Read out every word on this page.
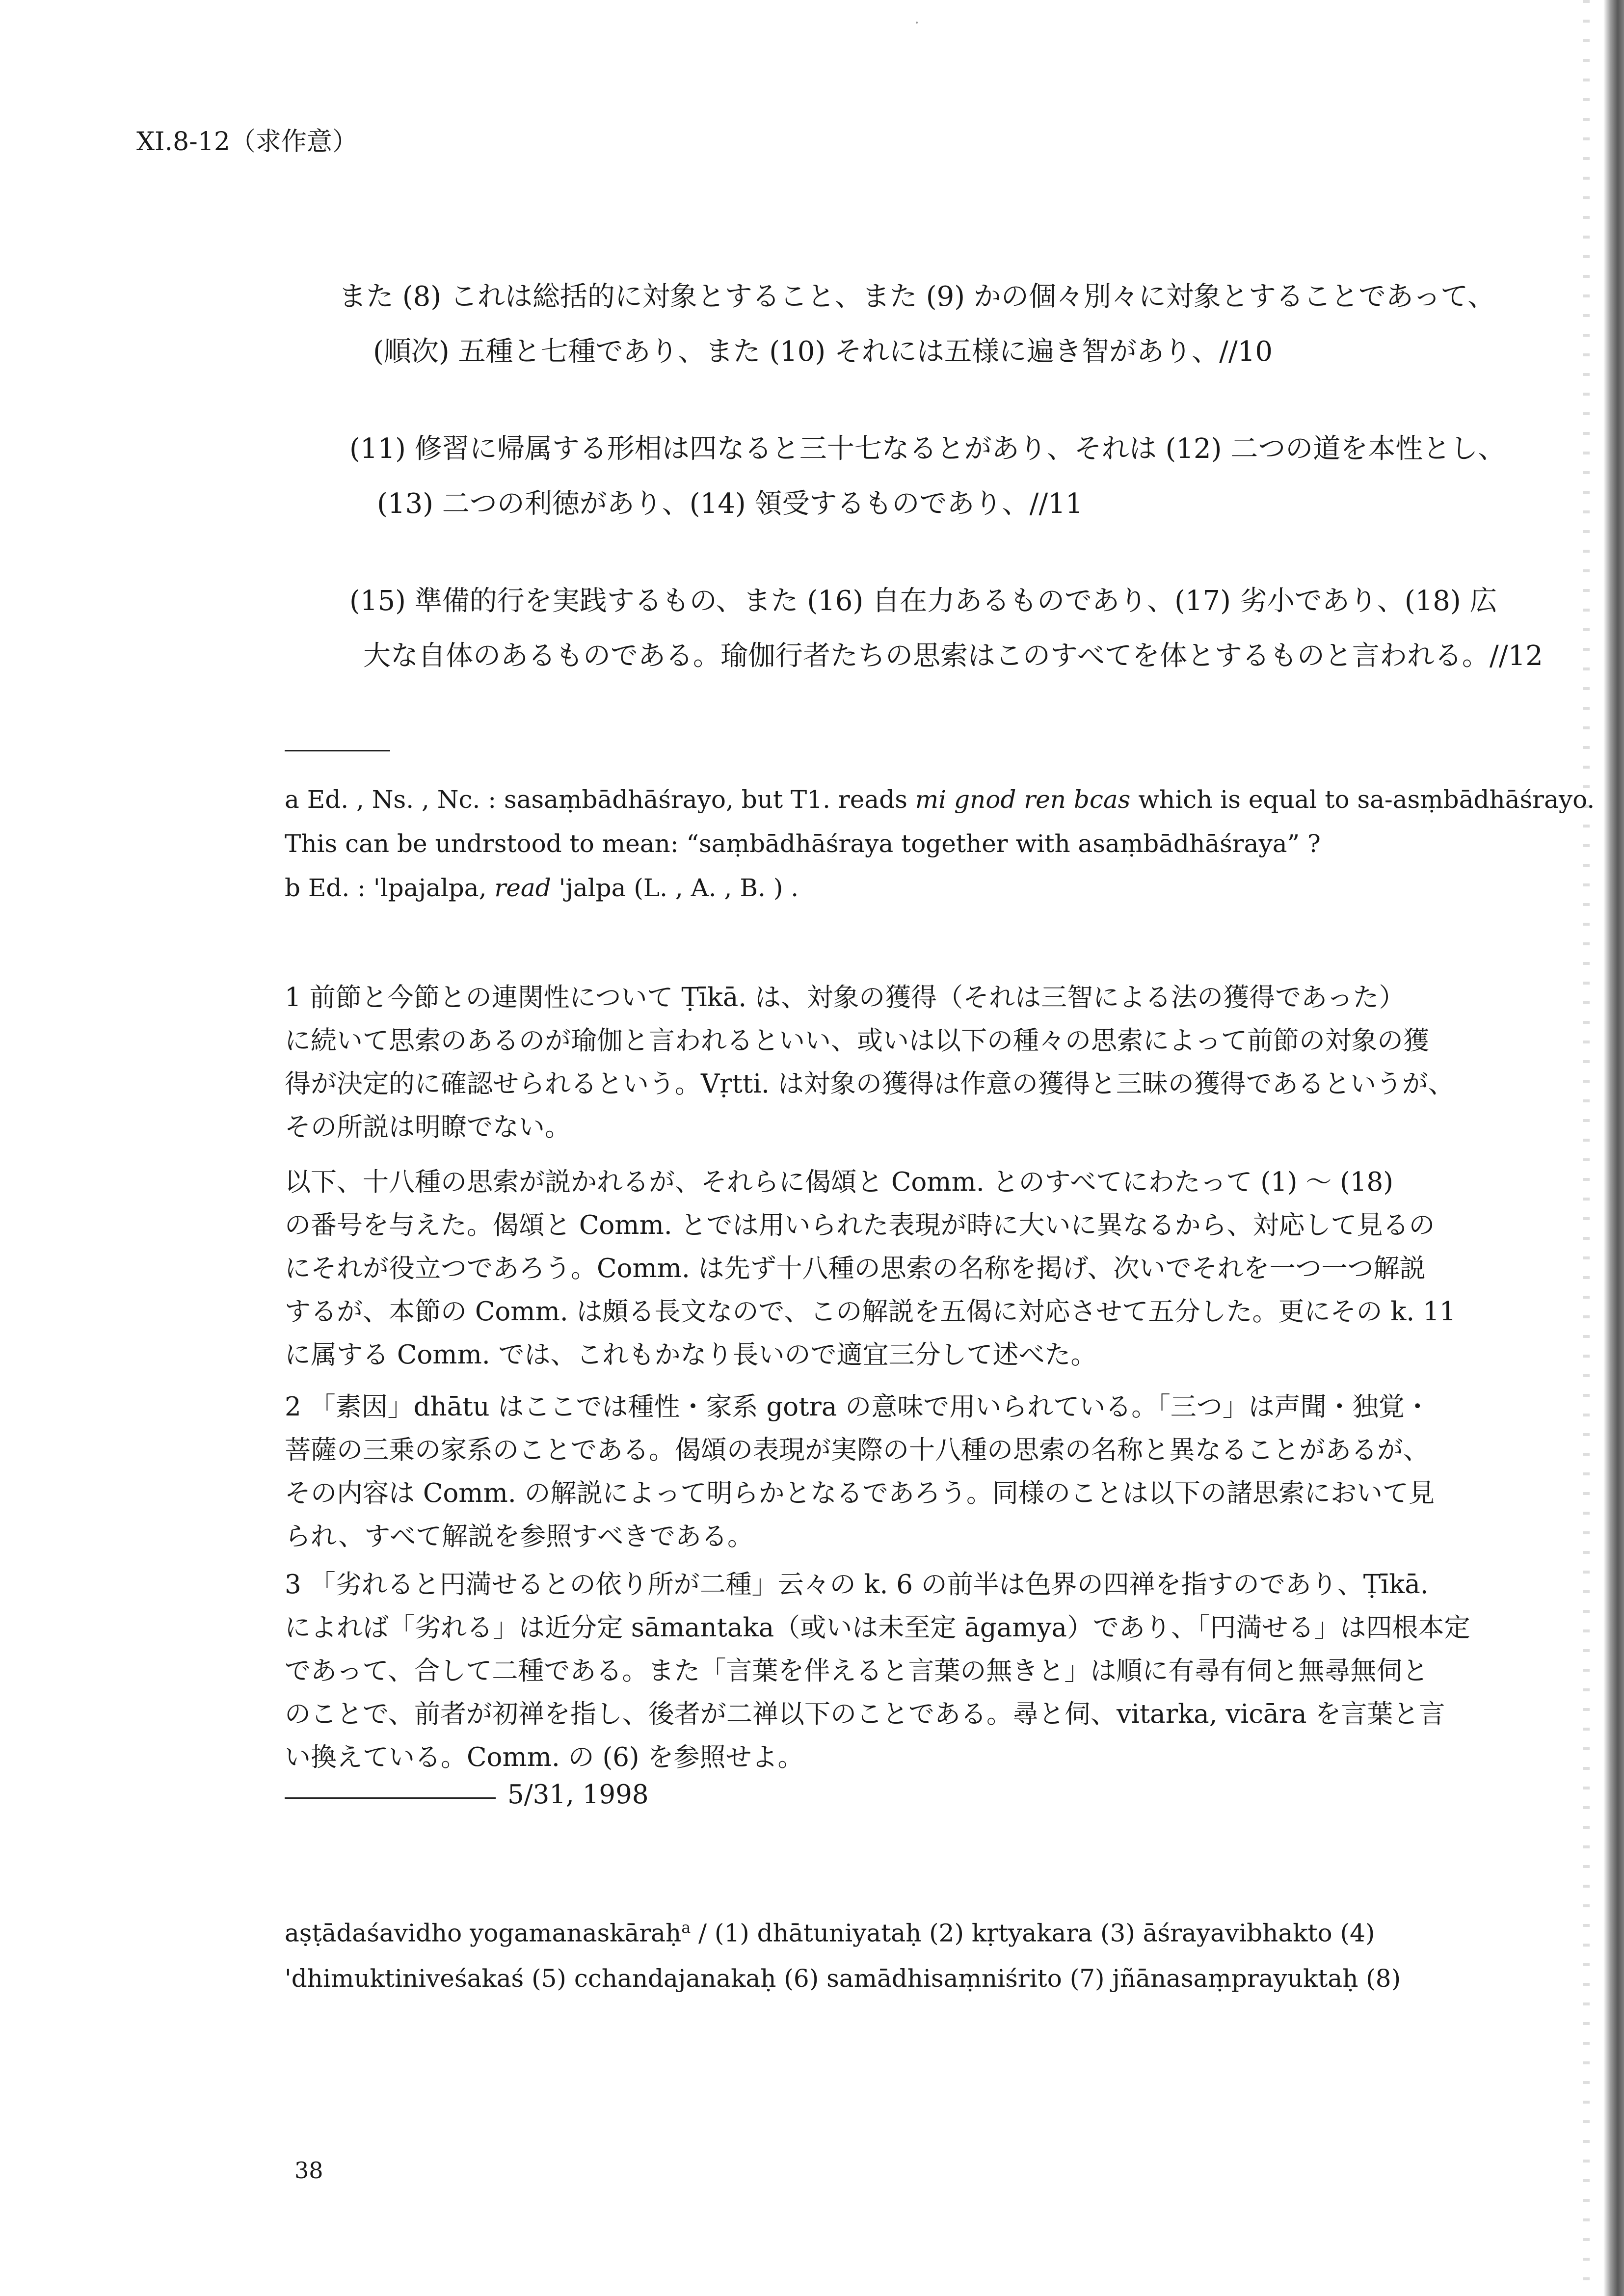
XI.8-12（求作意）
また (8) これは総括的に対象とすること、また (9) かの個々別々に対象とすることであって、
(順次) 五種と七種であり、また (10) それには五様に遍き智があり、//10
(11) 修習に帰属する形相は四なると三十七なるとがあり、それは (12) 二つの道を本性とし、
(13) 二つの利徳があり、(14) 領受するものであり、//11
(15) 準備的行を実践するもの、また (16) 自在力あるものであり、(17) 劣小であり、(18) 広
大な自体のあるものである。瑜伽行者たちの思索はこのすべてを体とするものと言われる。//12
a Ed. , Ns. , Nc. : sasaṃbādhāśrayo, but T1. reads mi gnod ren bcas which is equal to sa-asṃbādhāśrayo.
This can be undrstood to mean: “saṃbādhāśraya together with asaṃbādhāśraya” ?
b Ed. : 'lpajalpa, read 'jalpa (L. , A. , B. ) .
1 前節と今節との連関性について Ṭīkā. は、対象の獲得（それは三智による法の獲得であった）
に続いて思索のあるのが瑜伽と言われるといい、或いは以下の種々の思索によって前節の対象の獲
得が決定的に確認せられるという。Vṛtti. は対象の獲得は作意の獲得と三昧の獲得であるというが、
その所説は明瞭でない。
以下、十八種の思索が説かれるが、それらに偈頌と Comm. とのすべてにわたって (1) ～ (18)
の番号を与えた。偈頌と Comm. とでは用いられた表現が時に大いに異なるから、対応して見るの
にそれが役立つであろう。Comm. は先ず十八種の思索の名称を掲げ、次いでそれを一つ一つ解説
するが、本節の Comm. は頗る長文なので、この解説を五偈に対応させて五分した。更にその k. 11
に属する Comm. では、これもかなり長いので適宜三分して述べた。
2 「素因」dhātu はここでは種性・家系 gotra の意味で用いられている。「三つ」は声聞・独覚・
菩薩の三乗の家系のことである。偈頌の表現が実際の十八種の思索の名称と異なることがあるが、
その内容は Comm. の解説によって明らかとなるであろう。同様のことは以下の諸思索において見
られ、すべて解説を参照すべきである。
3 「劣れると円満せるとの依り所が二種」云々の k. 6 の前半は色界の四禅を指すのであり、Ṭīkā.
によれば「劣れる」は近分定 sāmantaka（或いは未至定 āgamya）であり、「円満せる」は四根本定
であって、合して二種である。また「言葉を伴えると言葉の無きと」は順に有尋有伺と無尋無伺と
のことで、前者が初禅を指し、後者が二禅以下のことである。尋と伺、vitarka, vicāra を言葉と言
い換えている。Comm. の (6) を参照せよ。
5/31, 1998
aṣṭādaśavidho yogamanaskāraḥ$^a$ / (1) dhātuniyataḥ (2) kṛtyakara (3) āśrayavibhakto (4)
'dhimuktiniveśakaś (5) cchandajanakaḥ (6) samādhisaṃniśrito (7) jñānasaṃprayuktaḥ (8)
38
